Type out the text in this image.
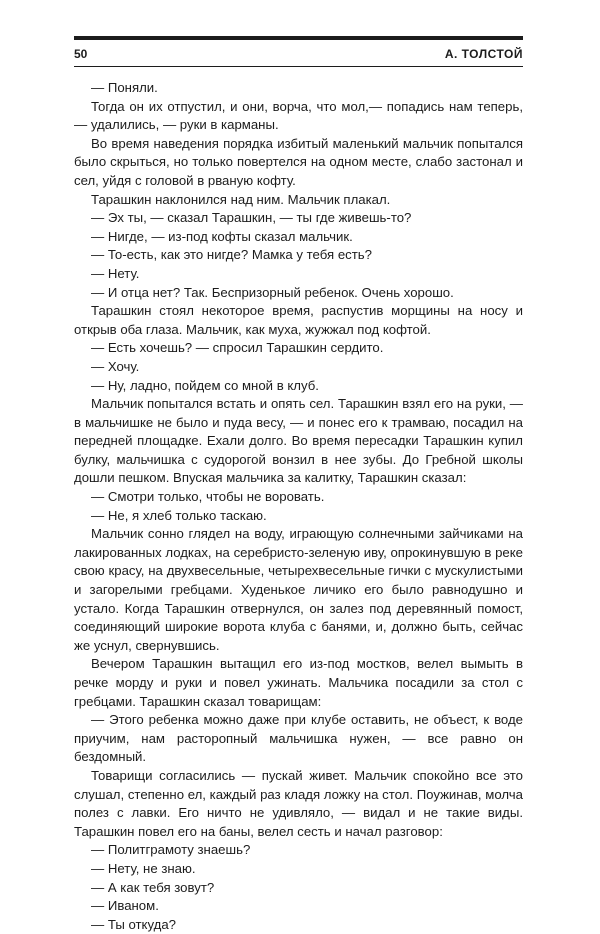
50	А. ТОЛСТОЙ

— Поняли.

Тогда он их отпустил, и они, ворча, что мол,— попадись нам теперь, — удалились, — руки в карманы.

Во время наведения порядка избитый маленький мальчик попытался было скрыться, но только повертелся на одном месте, слабо застонал и сел, уйдя с головой в рваную кофту.

Тарашкин наклонился над ним. Мальчик плакал.

— Эх ты, — сказал Тарашкин, — ты где живешь-то?

— Нигде, — из-под кофты сказал мальчик.

— То-есть, как это нигде? Мамка у тебя есть?

— Нету.

— И отца нет? Так. Беспризорный ребенок. Очень хорошо.

Тарашкин стоял некоторое время, распустив морщины на носу и открыв оба глаза. Мальчик, как муха, жужжал под кофтой.

— Есть хочешь? — спросил Тарашкин сердито.

— Хочу.

— Ну, ладно, пойдем со мной в клуб.

Мальчик попытался встать и опять сел. Тарашкин взял его на руки, — в мальчишке не было и пуда весу, — и понес его к трамваю, посадил на передней площадке. Ехали долго. Во время пересадки Тарашкин купил булку, мальчишка с судорогой вонзил в нее зубы. До Гребной школы дошли пешком. Впуская мальчика за калитку, Тарашкин сказал:

— Смотри только, чтобы не воровать.

— Не, я хлеб только таскаю.

Мальчик сонно глядел на воду, играющую солнечными зайчиками на лакированных лодках, на серебристо-зеленую иву, опрокинувшую в реке свою красу, на двухвесельные, четырехвесельные гички с мускулистыми и загорелыми гребцами. Худенькое личико его было равнодушно и устало. Когда Тарашкин отвернулся, он залез под деревянный помост, соединяющий широкие ворота клуба с банями, и, должно быть, сейчас же уснул, свернувшись.

Вечером Тарашкин вытащил его из-под мостков, велел вымыть в речке морду и руки и повел ужинать. Мальчика посадили за стол с гребцами. Тарашкин сказал товарищам:

— Этого ребенка можно даже при клубе оставить, не объест, к воде приучим, нам расторопный мальчишка нужен, — все равно он бездомный.

Товарищи согласились — пускай живет. Мальчик спокойно все это слушал, степенно ел, каждый раз кладя ложку на стол. Поужинав, молча полез с лавки. Его ничто не удивляло, — видал и не такие виды. Тарашкин повел его на баны, велел сесть и начал разговор:

— Политграмоту знаешь?

— Нету, не знаю.

— А как тебя зовут?

— Иваном.

— Ты откуда?
